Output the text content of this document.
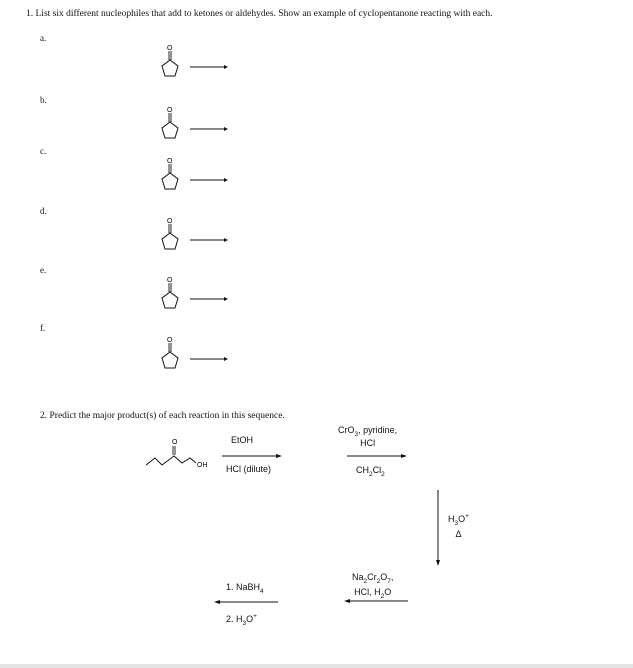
1. List six different nucleophiles that add to ketones or aldehydes. Show an example of cyclopentanone reacting with each.
a.
b.
c.
d.
e.
f.
O
O
O
O
O
O
2. Predict the major product(s) of each reaction in this sequence.
O
OH
EtOH
HCl (dilute)
CrO$_3$, pyridine,
HCl
$CH_2Cl_2$
$H_3O^+$
Δ
$Na_2Cr_2O_7$,
HCl, $H_2O$
1. NaBH$_4$
2. $H_3O^+$
